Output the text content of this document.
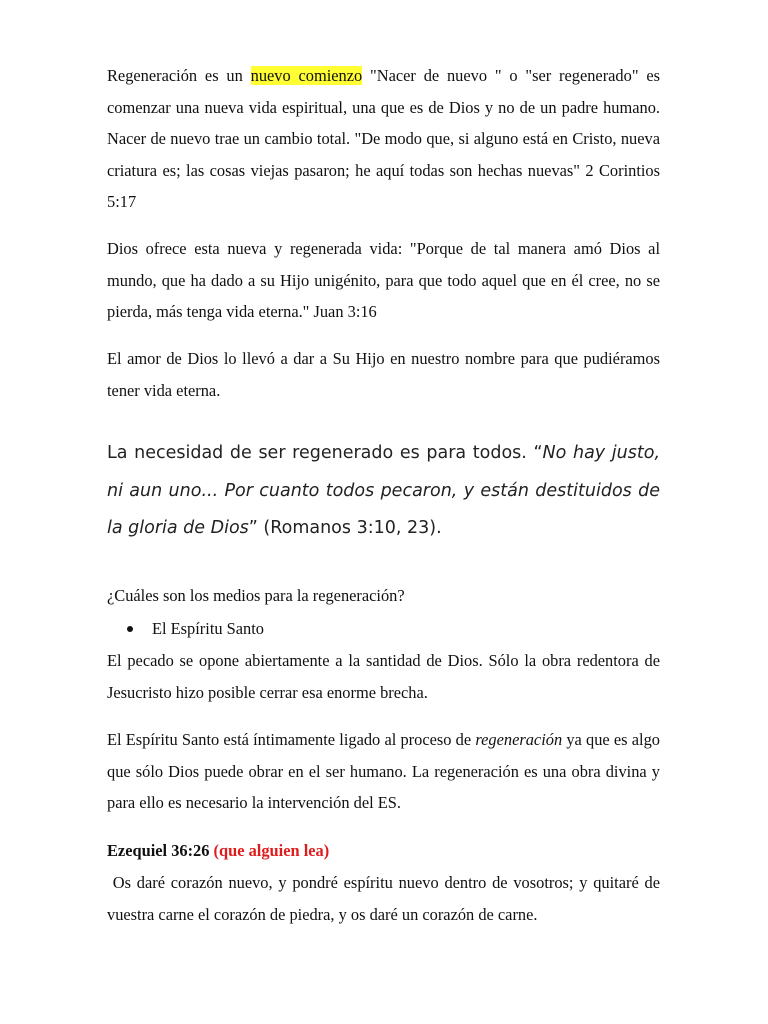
Regeneración es un nuevo comienzo "Nacer de nuevo " o "ser regenerado" es comenzar una nueva vida espiritual, una que es de Dios y no de un padre humano. Nacer de nuevo trae un cambio total. "De modo que, si alguno está en Cristo, nueva criatura es; las cosas viejas pasaron; he aquí todas son hechas nuevas" 2 Corintios 5:17

Dios ofrece esta nueva y regenerada vida: "Porque de tal manera amó Dios al mundo, que ha dado a su Hijo unigénito, para que todo aquel que en él cree, no se pierda, más tenga vida eterna." Juan 3:16

El amor de Dios lo llevó a dar a Su Hijo en nuestro nombre para que pudiéramos tener vida eterna.

La necesidad de ser regenerado es para todos. “No hay justo, ni aun uno... Por cuanto todos pecaron, y están destituidos de la gloria de Dios” (Romanos 3:10, 23).

¿Cuáles son los medios para la regeneración?

El Espíritu Santo

El pecado se opone abiertamente a la santidad de Dios. Sólo la obra redentora de Jesucristo hizo posible cerrar esa enorme brecha.

El Espíritu Santo está íntimamente ligado al proceso de regeneración ya que es algo que sólo Dios puede obrar en el ser humano. La regeneración es una obra divina y para ello es necesario la intervención del ES.

Ezequiel 36:26 (que alguien lea)

Os daré corazón nuevo, y pondré espíritu nuevo dentro de vosotros; y quitaré de vuestra carne el corazón de piedra, y os daré un corazón de carne.
